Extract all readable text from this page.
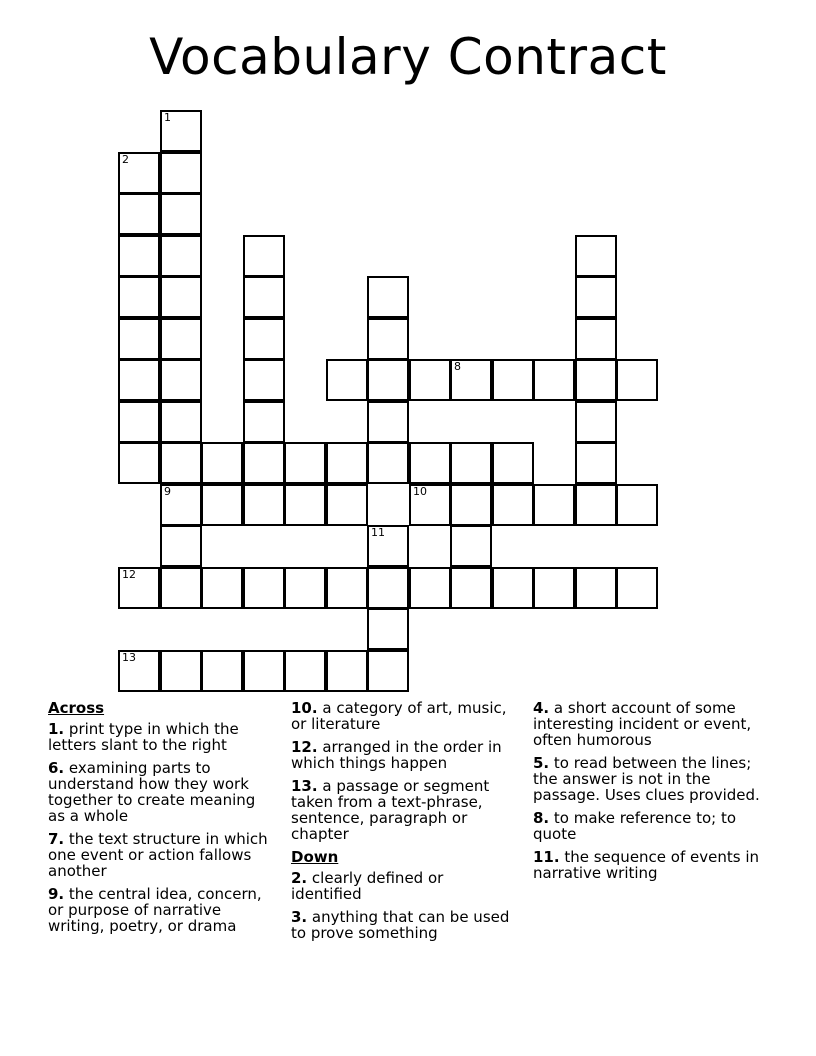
Vocabulary Contract
1
9
2
8
10
11
12
13
Across
1. print type in which the letters slant to the right
6. examining parts to understand how they work together to create meaning as a whole
7. the text structure in which one event or action fallows another
9. the central idea, concern, or purpose of narrative writing, poetry, or drama
10. a category of art, music, or literature
12. arranged in the order in which things happen
13. a passage or segment taken from a text-phrase, sentence, paragraph or chapter
Down
2. clearly defined or identified
3. anything that can be used to prove something
4. a short account of some interesting incident or event, often humorous
5. to read between the lines; the answer is not in the passage. Uses clues provided.
8. to make reference to; to quote
11. the sequence of events in narrative writing
